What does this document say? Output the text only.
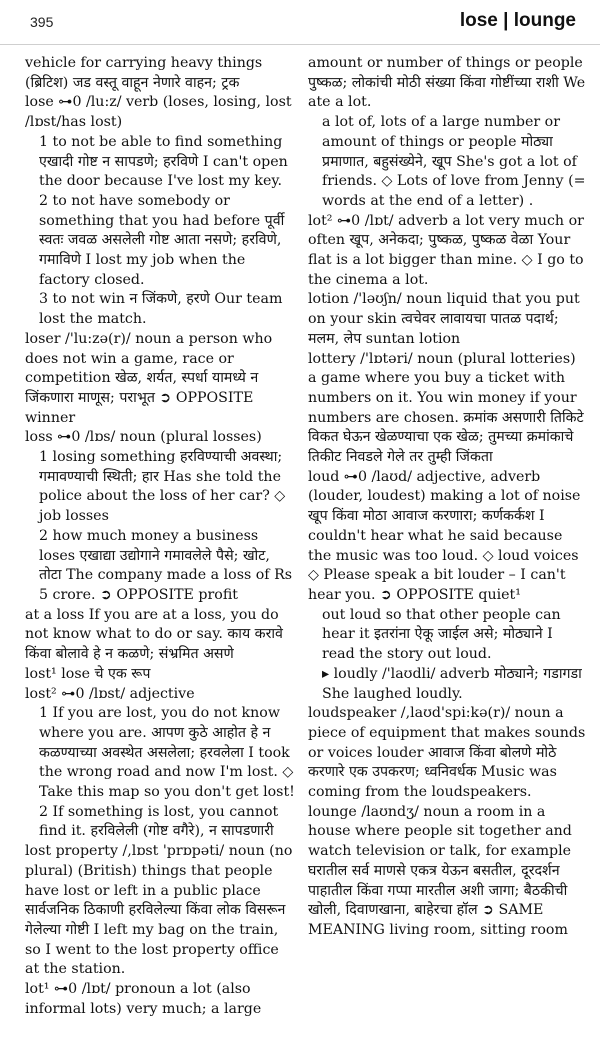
395	lose | lounge

vehicle for carrying heavy things (ब्रिटिश) जड वस्तू वाहून नेणारे वाहन; ट्रक

lose ⊶0 /lu:z/ verb (loses, losing, lost /lɒst/has lost)

1 to not be able to find something एखादी गोष्ट न सापडणे; हरविणे I can't open the door because I've lost my key.

2 to not have somebody or something that you had before पूर्वी स्वतः जवळ असलेली गोष्ट आता नसणे; हरविणे, गमाविणे I lost my job when the factory closed.

3 to not win न जिंकणे, हरणे Our team lost the match.

loser /'lu:zə(r)/ noun a person who does not win a game, race or competition खेळ, शर्यत, स्पर्धा यामध्ये न जिंकणारा माणूस; पराभूत ➲ OPPOSITE winner

loss ⊶0 /lɒs/ noun (plural losses)

1 losing something हरविण्याची अवस्था; गमावण्याची स्थिती; हार Has she told the police about the loss of her car? ◇ job losses

2 how much money a business loses एखाद्या उद्योगाने गमावलेले पैसे; खोट, तोटा The company made a loss of Rs 5 crore. ➲ OPPOSITE profit

at a loss If you are at a loss, you do not know what to do or say. काय करावे किंवा बोलावे हे न कळणे; संभ्रमित असणे

lost¹ lose चे एक रूप

lost² ⊶0 /lɒst/ adjective

1 If you are lost, you do not know where you are. आपण कुठे आहोत हे न कळण्याच्या अवस्थेत असलेला; हरवलेला I took the wrong road and now I'm lost. ◇ Take this map so you don't get lost!

2 If something is lost, you cannot find it. हरविलेली (गोष्ट वगैरे), न सापडणारी

lost property /,lɒst 'prɒpəti/ noun (no plural) (British) things that people have lost or left in a public place सार्वजनिक ठिकाणी हरविलेल्या किंवा लोक विसरून गेलेल्या गोष्टी I left my bag on the train, so I went to the lost property office at the station.

lot¹ ⊶0 /lɒt/ pronoun a lot (also informal lots) very much; a large

amount or number of things or people पुष्कळ; लोकांची मोठी संख्या किंवा गोष्टींच्या राशी We ate a lot.

a lot of, lots of a large number or amount of things or people मोठ्या प्रमाणात, बहुसंख्येने, खूप She's got a lot of friends. ◇ Lots of love from Jenny (= words at the end of a letter) .

lot² ⊶0 /lɒt/ adverb a lot very much or often खूप, अनेकदा; पुष्कळ, पुष्कळ वेळा Your flat is a lot bigger than mine. ◇ I go to the cinema a lot.

lotion /'ləʊʃn/ noun liquid that you put on your skin त्वचेवर लावायचा पातळ पदार्थ; मलम, लेप suntan lotion

lottery /'lɒtəri/ noun (plural lotteries) a game where you buy a ticket with numbers on it. You win money if your numbers are chosen. क्रमांक असणारी तिकिटे विकत घेऊन खेळण्याचा एक खेळ; तुमच्या क्रमांकाचे तिकीट निवडले गेले तर तुम्ही जिंकता

loud ⊶0 /laʊd/ adjective, adverb (louder, loudest) making a lot of noise खूप किंवा मोठा आवाज करणारा; कर्णकर्कश I couldn't hear what he said because the music was too loud. ◇ loud voices ◇ Please speak a bit louder – I can't hear you. ➲ OPPOSITE quiet¹

out loud so that other people can hear it इतरांना ऐकू जाईल असे; मोठ्याने I read the story out loud.

▸ loudly /'laʊdli/ adverb मोठ्याने; गडागडा She laughed loudly.

loudspeaker /,laʊd'spi:kə(r)/ noun a piece of equipment that makes sounds or voices louder आवाज किंवा बोलणे मोठे करणारे एक उपकरण; ध्वनिवर्धक Music was coming from the loudspeakers.

lounge /laʊndʒ/ noun a room in a house where people sit together and watch television or talk, for example घरातील सर्व माणसे एकत्र येऊन बसतील, दूरदर्शन पाहातील किंवा गप्पा मारतील अशी जागा; बैठकीची खोली, दिवाणखाना, बाहेरचा हॉल ➲ SAME MEANING living room, sitting room
